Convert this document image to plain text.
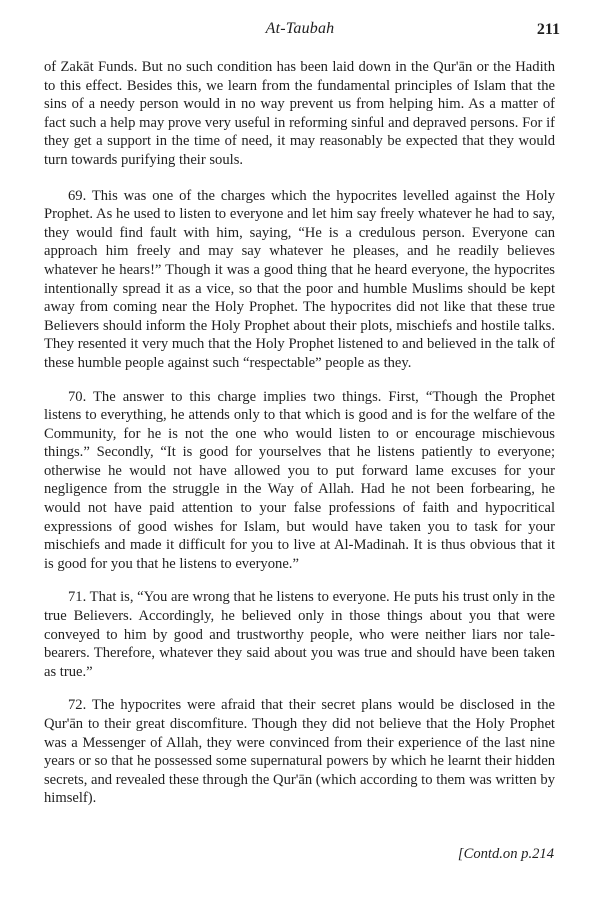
At-Taubah	211

of Zakāt Funds. But no such condition has been laid down in the Qur'ān or the Hadith to this effect. Besides this, we learn from the fundamental principles of Islam that the sins of a needy person would in no way prevent us from helping him. As a matter of fact such a help may prove very useful in reforming sinful and depraved persons. For if they get a support in the time of need, it may reasonably be expected that they would turn towards purifying their souls.

69. This was one of the charges which the hypocrites levelled against the Holy Prophet. As he used to listen to everyone and let him say freely whatever he had to say, they would find fault with him, saying, “He is a credulous person. Everyone can approach him freely and may say whatever he pleases, and he readily believes whatever he hears!” Though it was a good thing that he heard everyone, the hypocrites intentionally spread it as a vice, so that the poor and humble Muslims should be kept away from coming near the Holy Prophet. The hypocrites did not like that these true Believers should inform the Holy Prophet about their plots, mischiefs and hostile talks. They resented it very much that the Holy Prophet listened to and believed in the talk of these humble people against such “respectable” people as they.

70. The answer to this charge implies two things. First, “Though the Prophet listens to everything, he attends only to that which is good and is for the welfare of the Community, for he is not the one who would listen to or encourage mischievous things.” Secondly, “It is good for yourselves that he listens patiently to everyone; otherwise he would not have allowed you to put forward lame excuses for your negligence from the struggle in the Way of Allah. Had he not been forbearing, he would not have paid attention to your false professions of faith and hypocritical expressions of good wishes for Islam, but would have taken you to task for your mischiefs and made it difficult for you to live at Al-Madinah. It is thus obvious that it is good for you that he listens to everyone.”

71. That is, “You are wrong that he listens to everyone. He puts his trust only in the true Believers. Accordingly, he believed only in those things about you that were conveyed to him by good and trustworthy people, who were neither liars nor tale-bearers. Therefore, whatever they said about you was true and should have been taken as true.”

72. The hypocrites were afraid that their secret plans would be disclosed in the Qur'ān to their great discomfiture. Though they did not believe that the Holy Prophet was a Messenger of Allah, they were convinced from their experience of the last nine years or so that he possessed some supernatural powers by which he learnt their hidden secrets, and revealed these through the Qur'ān (which according to them was written by himself).

[Contd.on p.214
